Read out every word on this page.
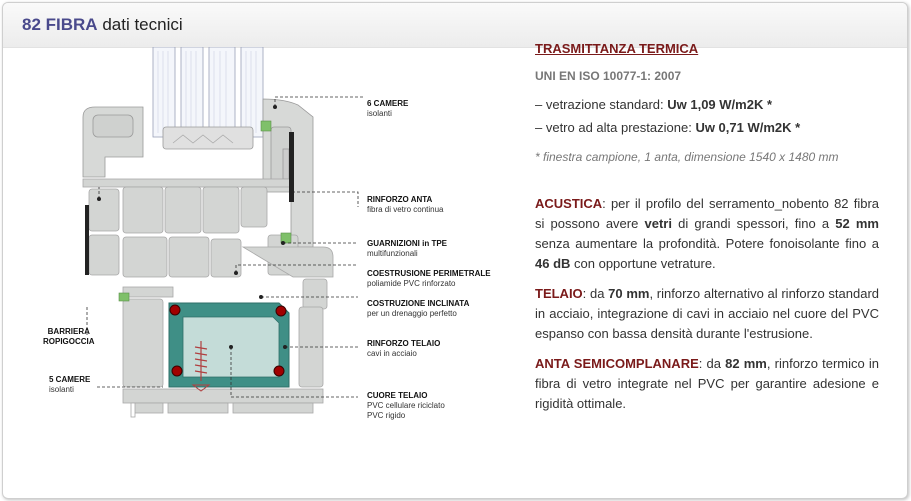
82 FIBRA dati tecnici
6 CAMERE
isolanti
RINFORZO ANTA
fibra di vetro continua
GUARNIZIONI in TPE
multifunzionali
COESTRUSIONE PERIMETRALE
poliamide PVC rinforzato
COSTRUZIONE INCLINATA
per un drenaggio perfetto
RINFORZO TELAIO
cavi in acciaio
CUORE TELAIO
PVC cellulare riciclato
PVC rigido
BARRIERA
ROPIGOCCIA
5 CAMERE
isolanti
TRASMITTANZA TERMICA
UNI EN ISO 10077-1: 2007
– vetrazione standard: Uw 1,09 W/m2K *
– vetro ad alta prestazione: Uw 0,71 W/m2K *
* finestra campione, 1 anta, dimensione 1540 x 1480 mm
ACUSTICA: per il profilo del serramento_nobento 82 fibra si possono avere vetri di grandi spessori, fino a 52 mm senza aumentare la profondità. Potere fonoisolante fino a 46 dB con opportune vetrature.
TELAIO: da 70 mm, rinforzo alternativo al rinforzo standard in acciaio, integrazione di cavi in acciaio nel cuore del PVC espanso con bassa densità durante l'estrusione.
ANTA SEMICOMPLANARE: da 82 mm, rinforzo termico in fibra di vetro integrate nel PVC per garantire adesione e rigidità ottimale.
